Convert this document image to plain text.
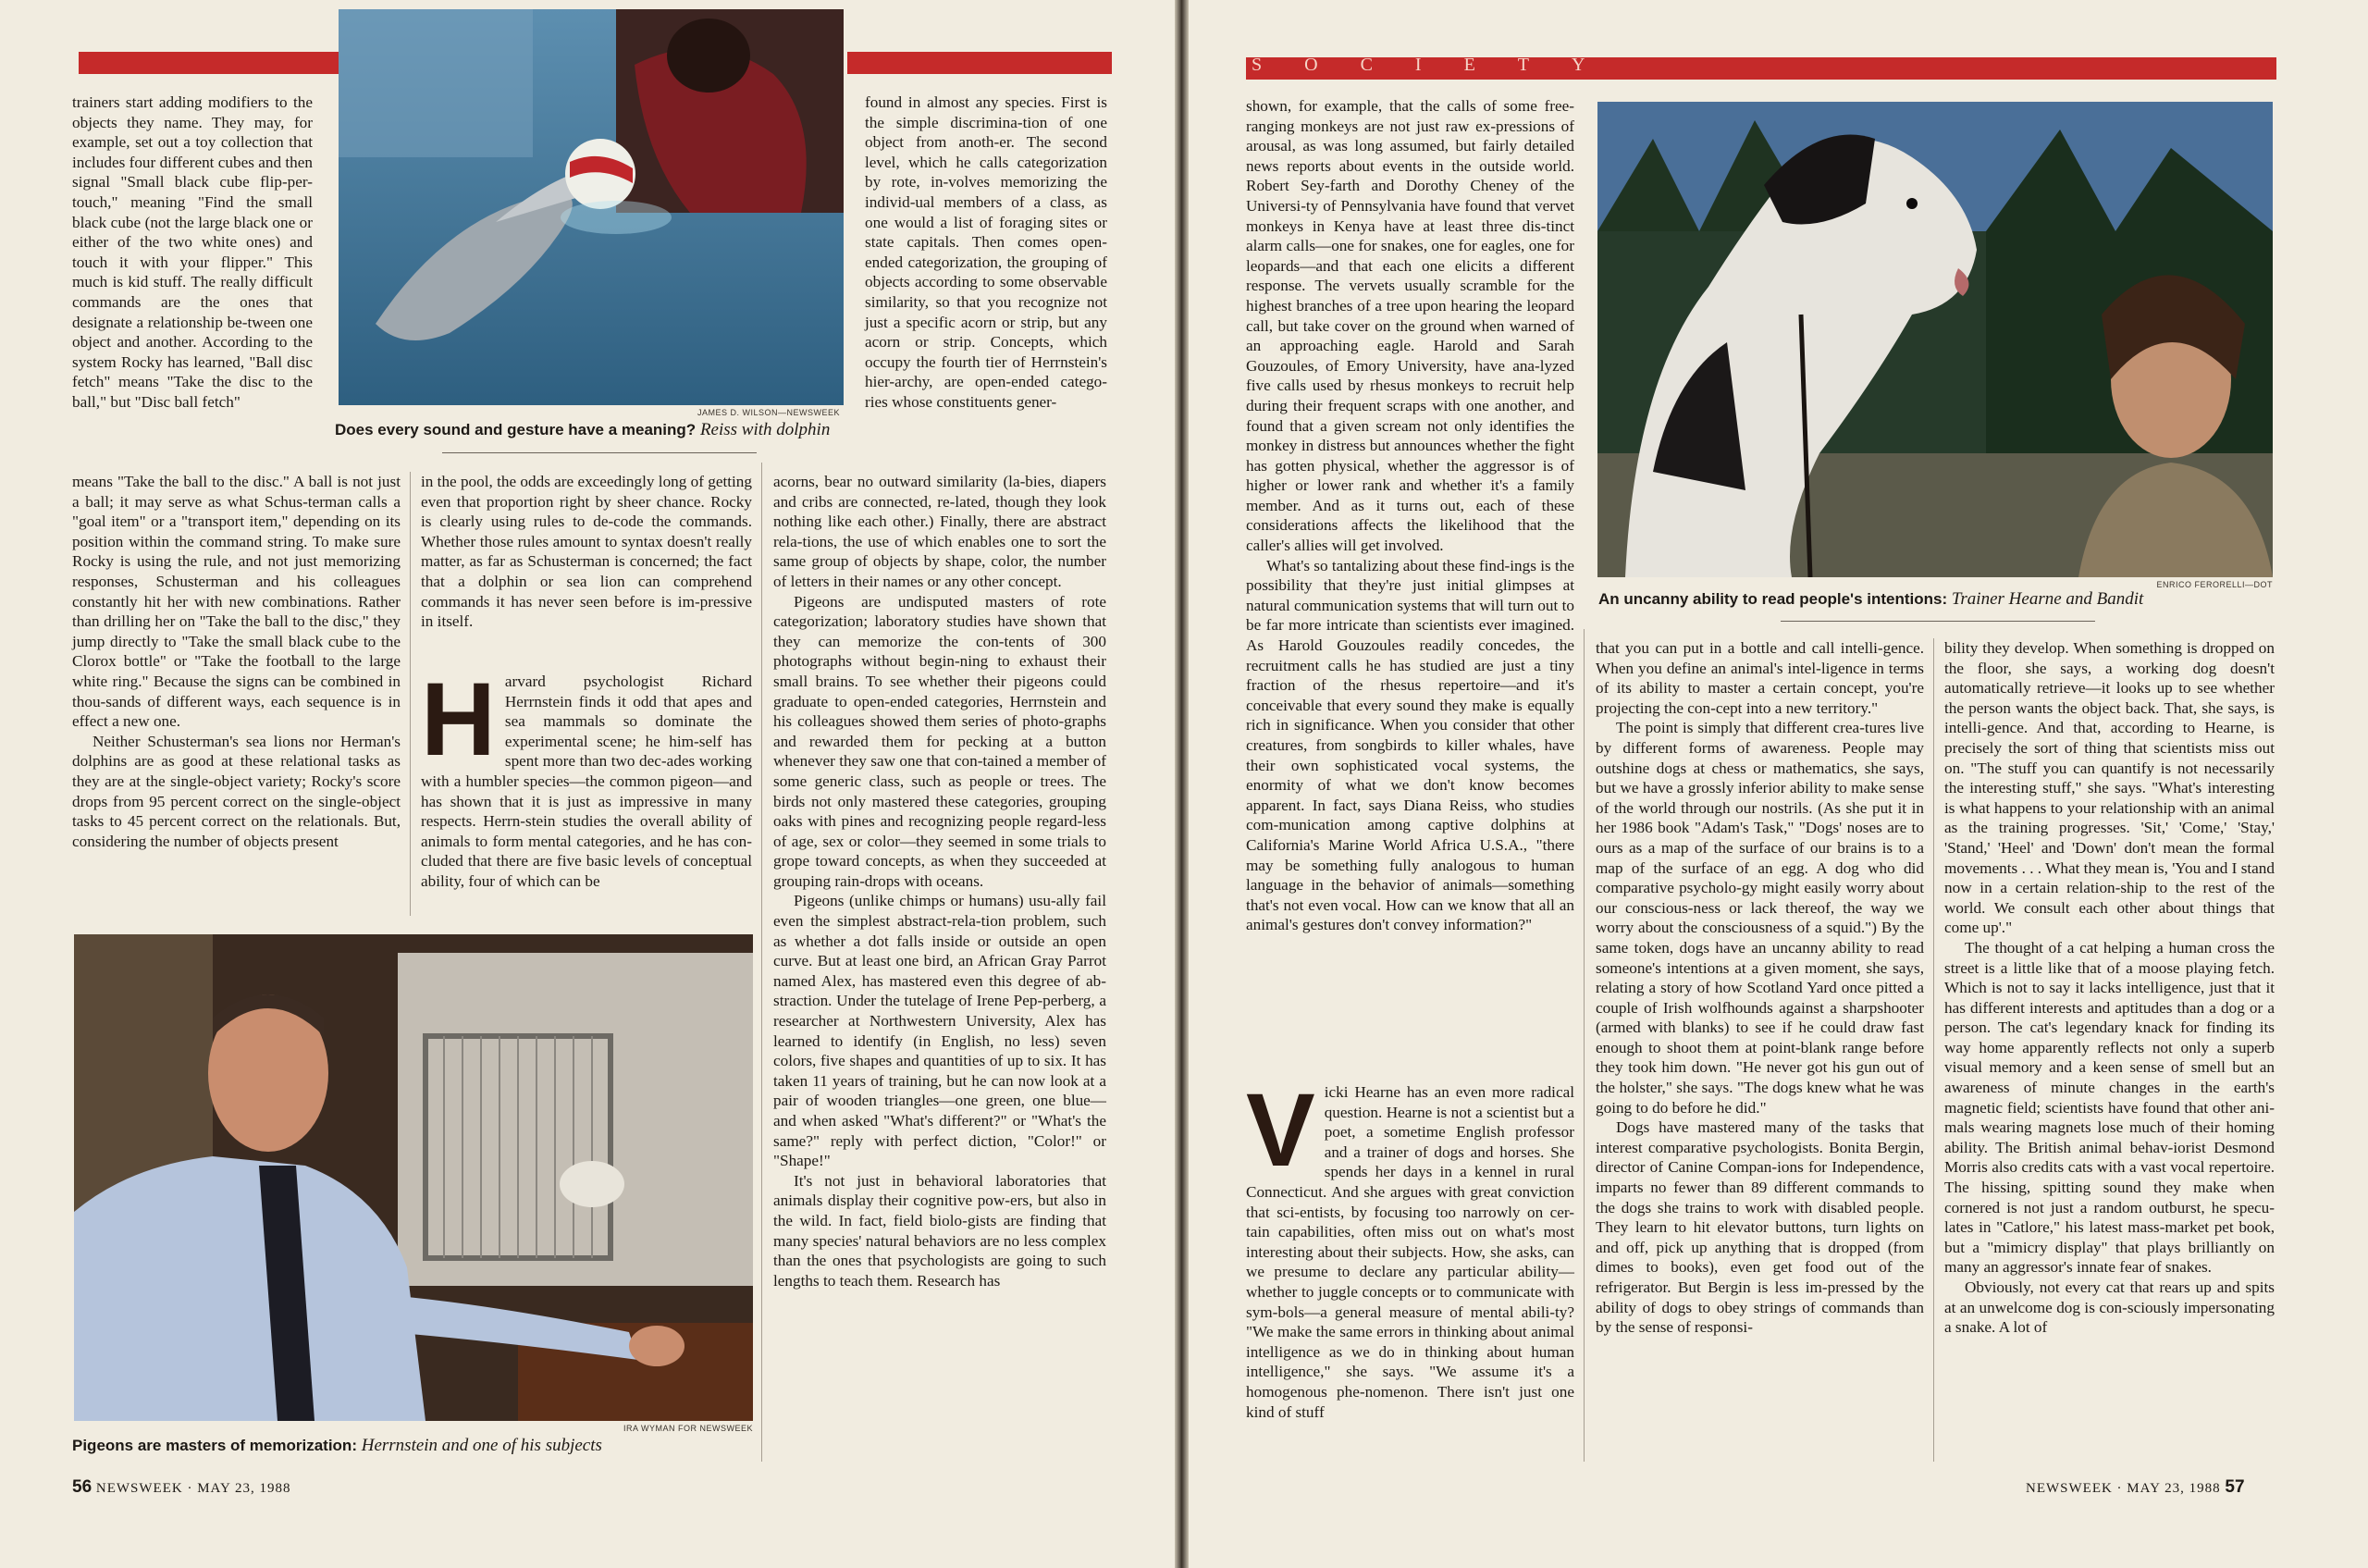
JAMES D. WILSON—NEWSWEEK
Does every sound and gesture have a meaning? Reiss with dolphin

trainers start adding modifiers to the objects they name. They may, for example, set out a toy collection that includes four different cubes and then signal "Small black cube flip-per-touch," meaning "Find the small black cube (not the large black one or either of the two white ones) and touch it with your flipper." This much is kid stuff. The really difficult commands are the ones that designate a relationship be-tween one object and another. According to the system Rocky has learned, "Ball disc fetch" means "Take the disc to the ball," but "Disc ball fetch"

means "Take the ball to the disc." A ball is not just a ball; it may serve as what Schus-terman calls a "goal item" or a "transport item," depending on its position within the command string. To make sure Rocky is using the rule, and not just memorizing responses, Schusterman and his colleagues constantly hit her with new combinations. Rather than drilling her on "Take the ball to the disc," they jump directly to "Take the small black cube to the Clorox bottle" or "Take the football to the large white ring." Because the signs can be combined in thou-sands of different ways, each sequence is in effect a new one.

Neither Schusterman's sea lions nor Herman's dolphins are as good at these relational tasks as they are at the single-object variety; Rocky's score drops from 95 percent correct on the single-object tasks to 45 percent correct on the relationals. But, considering the number of objects present

in the pool, the odds are exceedingly long of getting even that proportion right by sheer chance. Rocky is clearly using rules to de-code the commands. Whether those rules amount to syntax doesn't really matter, as far as Schusterman is concerned; the fact that a dolphin or sea lion can comprehend commands it has never seen before is im-pressive in itself.

Harvard psychologist Richard Herrnstein finds it odd that apes and sea mammals so dominate the experimental scene; he him-self has spent more than two dec-ades working with a humbler species—the common pigeon—and has shown that it is just as impressive in many respects. Herrn-stein studies the overall ability of animals to form mental categories, and he has con-cluded that there are five basic levels of conceptual ability, four of which can be

found in almost any species. First is the simple discrimina-tion of one object from anoth-er. The second level, which he calls categorization by rote, in-volves memorizing the individ-ual members of a class, as one would a list of foraging sites or state capitals. Then comes open-ended categorization, the grouping of objects according to some observable similarity, so that you recognize not just a specific acorn or strip, but any acorn or strip. Concepts, which occupy the fourth tier of Herrnstein's hier-archy, are open-ended catego-ries whose constituents gener-

acorns, bear no outward similarity (la-bies, diapers and cribs are connected, re-lated, though they look nothing like each other.) Finally, there are abstract rela-tions, the use of which enables one to sort the same group of objects by shape, color, the number of letters in their names or any other concept.

Pigeons are undisputed masters of rote categorization; laboratory studies have shown that they can memorize the con-tents of 300 photographs without begin-ning to exhaust their small brains. To see whether their pigeons could graduate to open-ended categories, Herrnstein and his colleagues showed them series of photo-graphs and rewarded them for pecking at a button whenever they saw one that con-tained a member of some generic class, such as people or trees. The birds not only mastered these categories, grouping oaks with pines and recognizing people regard-less of age, sex or color—they seemed in some trials to grope toward concepts, as when they succeeded at grouping rain-drops with oceans.

Pigeons (unlike chimps or humans) usu-ally fail even the simplest abstract-rela-tion problem, such as whether a dot falls inside or outside an open curve. But at least one bird, an African Gray Parrot named Alex, has mastered even this degree of ab-straction. Under the tutelage of Irene Pep-perberg, a researcher at Northwestern University, Alex has learned to identify (in English, no less) seven colors, five shapes and quantities of up to six. It has taken 11 years of training, but he can now look at a pair of wooden triangles—one green, one blue—and when asked "What's different?" or "What's the same?" reply with perfect diction, "Color!" or "Shape!"

It's not just in behavioral laboratories that animals display their cognitive pow-ers, but also in the wild. In fact, field biolo-gists are finding that many species' natural behaviors are no less complex than the ones that psychologists are going to such lengths to teach them. Research has

IRA WYMAN FOR NEWSWEEK
Pigeons are masters of memorization: Herrnstein and one of his subjects
56 NEWSWEEK · MAY 23, 1988
SOCIETY

shown, for example, that the calls of some free-ranging monkeys are not just raw ex-pressions of arousal, as was long assumed, but fairly detailed news reports about events in the outside world. Robert Sey-farth and Dorothy Cheney of the Universi-ty of Pennsylvania have found that vervet monkeys in Kenya have at least three dis-tinct alarm calls—one for snakes, one for eagles, one for leopards—and that each one elicits a different response. The vervets usually scramble for the highest branches of a tree upon hearing the leopard call, but take cover on the ground when warned of an approaching eagle. Harold and Sarah Gouzoules, of Emory University, have ana-lyzed five calls used by rhesus monkeys to recruit help during their frequent scraps with one another, and found that a given scream not only identifies the monkey in distress but announces whether the fight has gotten physical, whether the aggressor is of higher or lower rank and whether it's a family member. And as it turns out, each of these considerations affects the likelihood that the caller's allies will get involved.

What's so tantalizing about these find-ings is the possibility that they're just initial glimpses at natural communication systems that will turn out to be far more intricate than scientists ever imagined. As Harold Gouzoules readily concedes, the recruitment calls he has studied are just a tiny fraction of the rhesus repertoire—and it's conceivable that every sound they make is equally rich in significance. When you consider that other creatures, from songbirds to killer whales, have their own sophisticated vocal systems, the enormity of what we don't know becomes apparent. In fact, says Diana Reiss, who studies com-munication among captive dolphins at California's Marine World Africa U.S.A., "there may be something fully analogous to human language in the behavior of animals—something that's not even vocal. How can we know that all an animal's gestures don't convey information?"

Vicki Hearne has an even more radical question. Hearne is not a scientist but a poet, a sometime English professor and a trainer of dogs and horses. She spends her days in a kennel in rural Connecticut. And she argues with great conviction that sci-entists, by focusing too narrowly on cer-tain capabilities, often miss out on what's most interesting about their subjects. How, she asks, can we presume to declare any particular ability—whether to juggle concepts or to communicate with sym-bols—a general measure of mental abili-ty? "We make the same errors in thinking about animal intelligence as we do in thinking about human intelligence," she says. "We assume it's a homogenous phe-nomenon. There isn't just one kind of stuff

ENRICO FERORELLI—DOT
An uncanny ability to read people's intentions: Trainer Hearne and Bandit

that you can put in a bottle and call intelli-gence. When you define an animal's intel-ligence in terms of its ability to master a certain concept, you're projecting the con-cept into a new territory."

The point is simply that different crea-tures live by different forms of awareness. People may outshine dogs at chess or mathematics, she says, but we have a grossly inferior ability to make sense of the world through our nostrils. (As she put it in her 1986 book "Adam's Task," "Dogs' noses are to ours as a map of the surface of our brains is to a map of the surface of an egg. A dog who did comparative psycholo-gy might easily worry about our conscious-ness or lack thereof, the way we worry about the consciousness of a squid.") By the same token, dogs have an uncanny ability to read someone's intentions at a given moment, she says, relating a story of how Scotland Yard once pitted a couple of Irish wolfhounds against a sharpshooter (armed with blanks) to see if he could draw fast enough to shoot them at point-blank range before they took him down. "He never got his gun out of the holster," she says. "The dogs knew what he was going to do before he did."

Dogs have mastered many of the tasks that interest comparative psychologists. Bonita Bergin, director of Canine Compan-ions for Independence, imparts no fewer than 89 different commands to the dogs she trains to work with disabled people. They learn to hit elevator buttons, turn lights on and off, pick up anything that is dropped (from dimes to books), even get food out of the refrigerator. But Bergin is less im-pressed by the ability of dogs to obey strings of commands than by the sense of responsi-

bility they develop. When something is dropped on the floor, she says, a working dog doesn't automatically retrieve—it looks up to see whether the person wants the object back. That, she says, is intelli-gence. And that, according to Hearne, is precisely the sort of thing that scientists miss out on. "The stuff you can quantify is not necessarily the interesting stuff," she says. "What's interesting is what happens to your relationship with an animal as the training progresses. 'Sit,' 'Come,' 'Stay,' 'Stand,' 'Heel' and 'Down' don't mean the formal movements . . . What they mean is, 'You and I stand now in a certain relation-ship to the rest of the world. We consult each other about things that come up'."

The thought of a cat helping a human cross the street is a little like that of a moose playing fetch. Which is not to say it lacks intelligence, just that it has different interests and aptitudes than a dog or a person. The cat's legendary knack for finding its way home apparently reflects not only a superb visual memory and a keen sense of smell but an awareness of minute changes in the earth's magnetic field; scientists have found that other ani-mals wearing magnets lose much of their homing ability. The British animal behav-iorist Desmond Morris also credits cats with a vast vocal repertoire. The hissing, spitting sound they make when cornered is not just a random outburst, he specu-lates in "Catlore," his latest mass-market pet book, but a "mimicry display" that plays brilliantly on many an aggressor's innate fear of snakes.

Obviously, not every cat that rears up and spits at an unwelcome dog is con-sciously impersonating a snake. A lot of

NEWSWEEK · MAY 23, 1988 57
